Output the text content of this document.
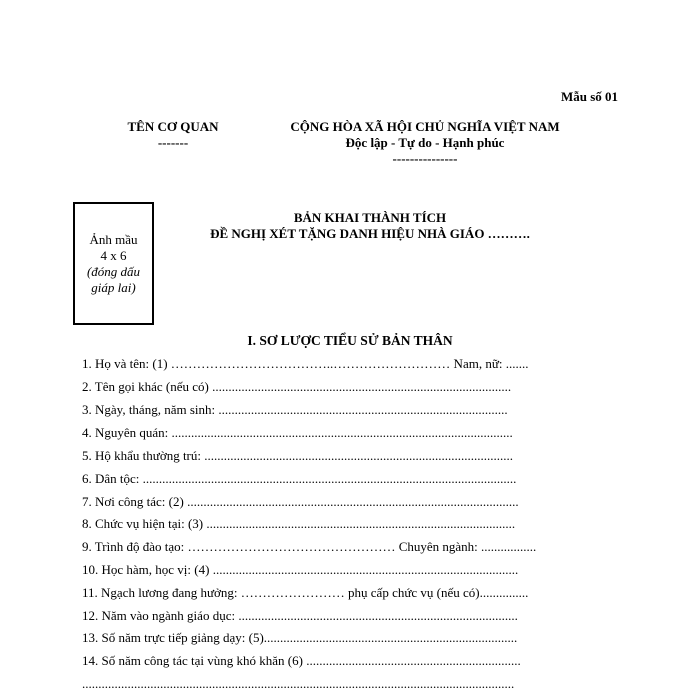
Mẫu số 01
TÊN CƠ QUAN
-------
CỘNG HÒA XÃ HỘI CHỦ NGHĨA VIỆT NAM
Độc lập - Tự do - Hạnh phúc
---------------
Ảnh mầu
4 x 6
(đóng dấu
giáp lai)
BẢN KHAI THÀNH TÍCH
ĐỀ NGHỊ XÉT TẶNG DANH HIỆU NHÀ GIÁO ……….
I. SƠ LƯỢC TIỂU SỬ BẢN THÂN
1. Họ và tên: (1) ………………………………..……………………… Nam, nữ: .......
2. Tên gọi khác (nếu có) ............................................................................................
3. Ngày, tháng, năm sinh: .........................................................................................
4. Nguyên quán: .........................................................................................................
5. Hộ khẩu thường trú: ...............................................................................................
6. Dân tộc: ...................................................................................................................
7. Nơi công tác: (2) ......................................................................................................
8. Chức vụ hiện tại: (3) ...............................................................................................
9. Trình độ đào tạo: ………………………………………… Chuyên ngành: .................
10. Học hàm, học vị: (4) ..............................................................................................
11. Ngạch lương đang hưởng: …………………… phụ cấp chức vụ (nếu có)...............
12. Năm vào ngành giáo dục: ......................................................................................
13. Số năm trực tiếp giảng dạy: (5)..............................................................................
14. Số năm công tác tại vùng khó khăn (6) ..................................................................
.....................................................................................................................................
